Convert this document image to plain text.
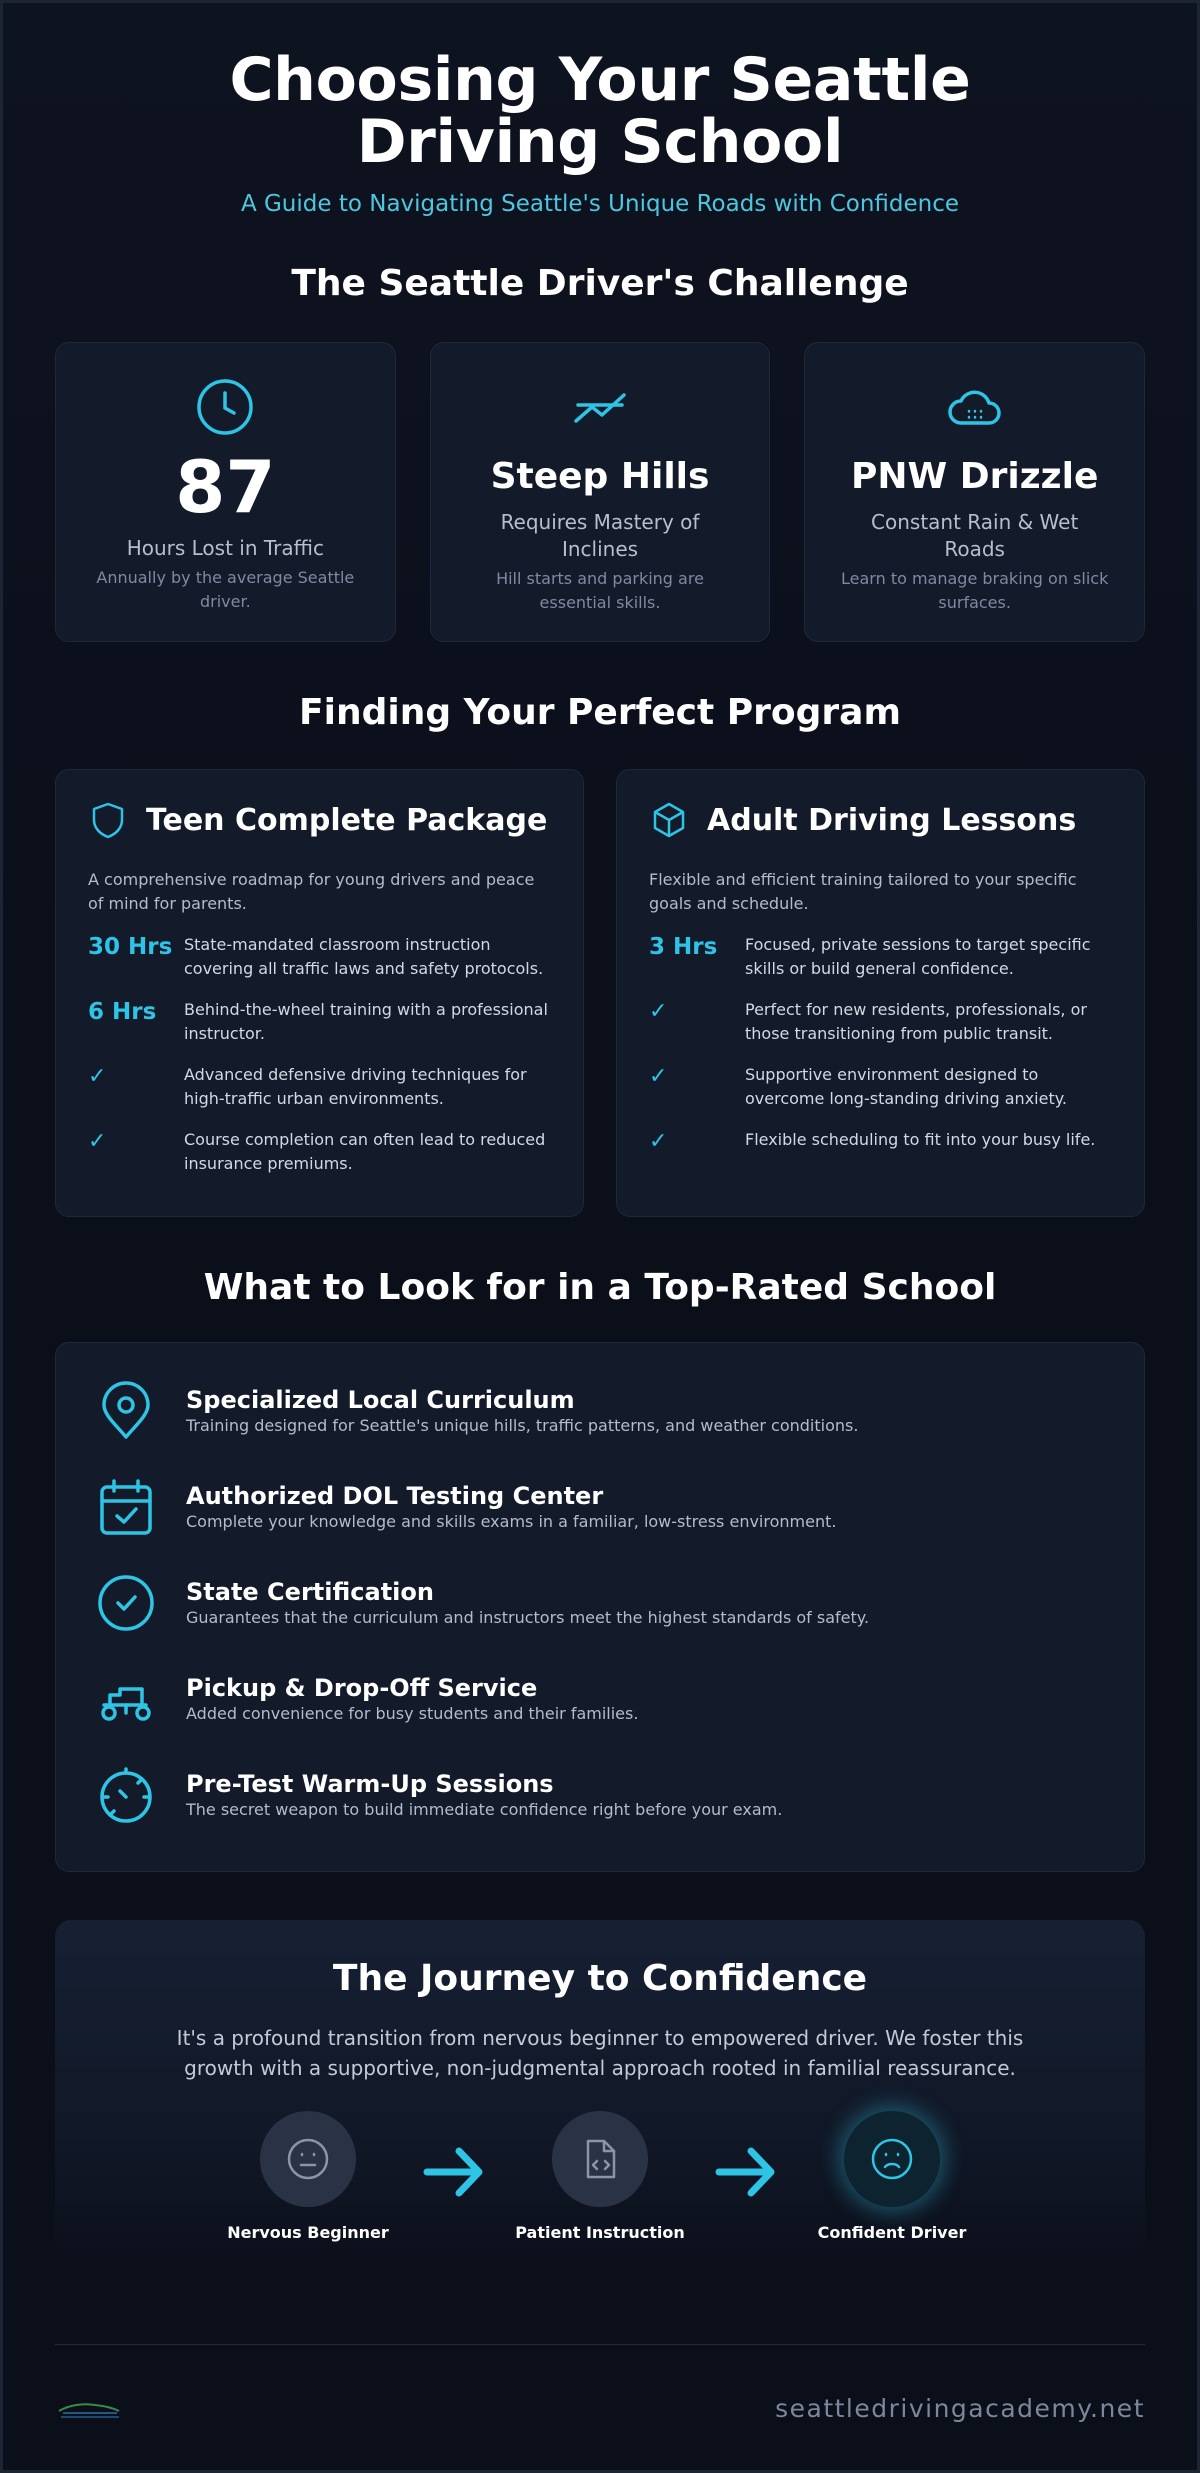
Choosing Your Seattle Driving School
A Guide to Navigating Seattle's Unique Roads with Confidence
The Seattle Driver's Challenge
87
Hours Lost in Traffic
Annually by the average Seattle driver.
Steep Hills
Requires Mastery of Inclines
Hill starts and parking are essential skills.
PNW Drizzle
Constant Rain & Wet Roads
Learn to manage braking on slick surfaces.
Finding Your Perfect Program
Teen Complete Package
A comprehensive roadmap for young drivers and peace of mind for parents.
30 Hrs State-mandated classroom instruction covering all traffic laws and safety protocols.
6 Hrs	Behind-the-wheel training with a professional instructor.
✓	Advanced defensive driving techniques for high-traffic urban environments.
✓	Course completion can often lead to reduced insurance premiums.
Adult Driving Lessons
Flexible and efficient training tailored to your specific goals and schedule.
3 Hrs	Focused, private sessions to target specific skills or build general confidence.
✓	Perfect for new residents, professionals, or those transitioning from public transit.
✓	Supportive environment designed to overcome long-standing driving anxiety.
✓	Flexible scheduling to fit into your busy life.
What to Look for in a Top-Rated School
Specialized Local Curriculum
Training designed for Seattle's unique hills, traffic patterns, and weather conditions.
Authorized DOL Testing Center
Complete your knowledge and skills exams in a familiar, low-stress environment.
State Certification
Guarantees that the curriculum and instructors meet the highest standards of safety.
Pickup & Drop-Off Service
Added convenience for busy students and their families.
Pre-Test Warm-Up Sessions
The secret weapon to build immediate confidence right before your exam.
The Journey to Confidence

It's a profound transition from nervous beginner to empowered driver. We foster this growth with a supportive, non-judgmental approach rooted in familial reassurance.

Nervous Beginner	Patient Instruction	Confident Driver
seattledrivingacademy.net
